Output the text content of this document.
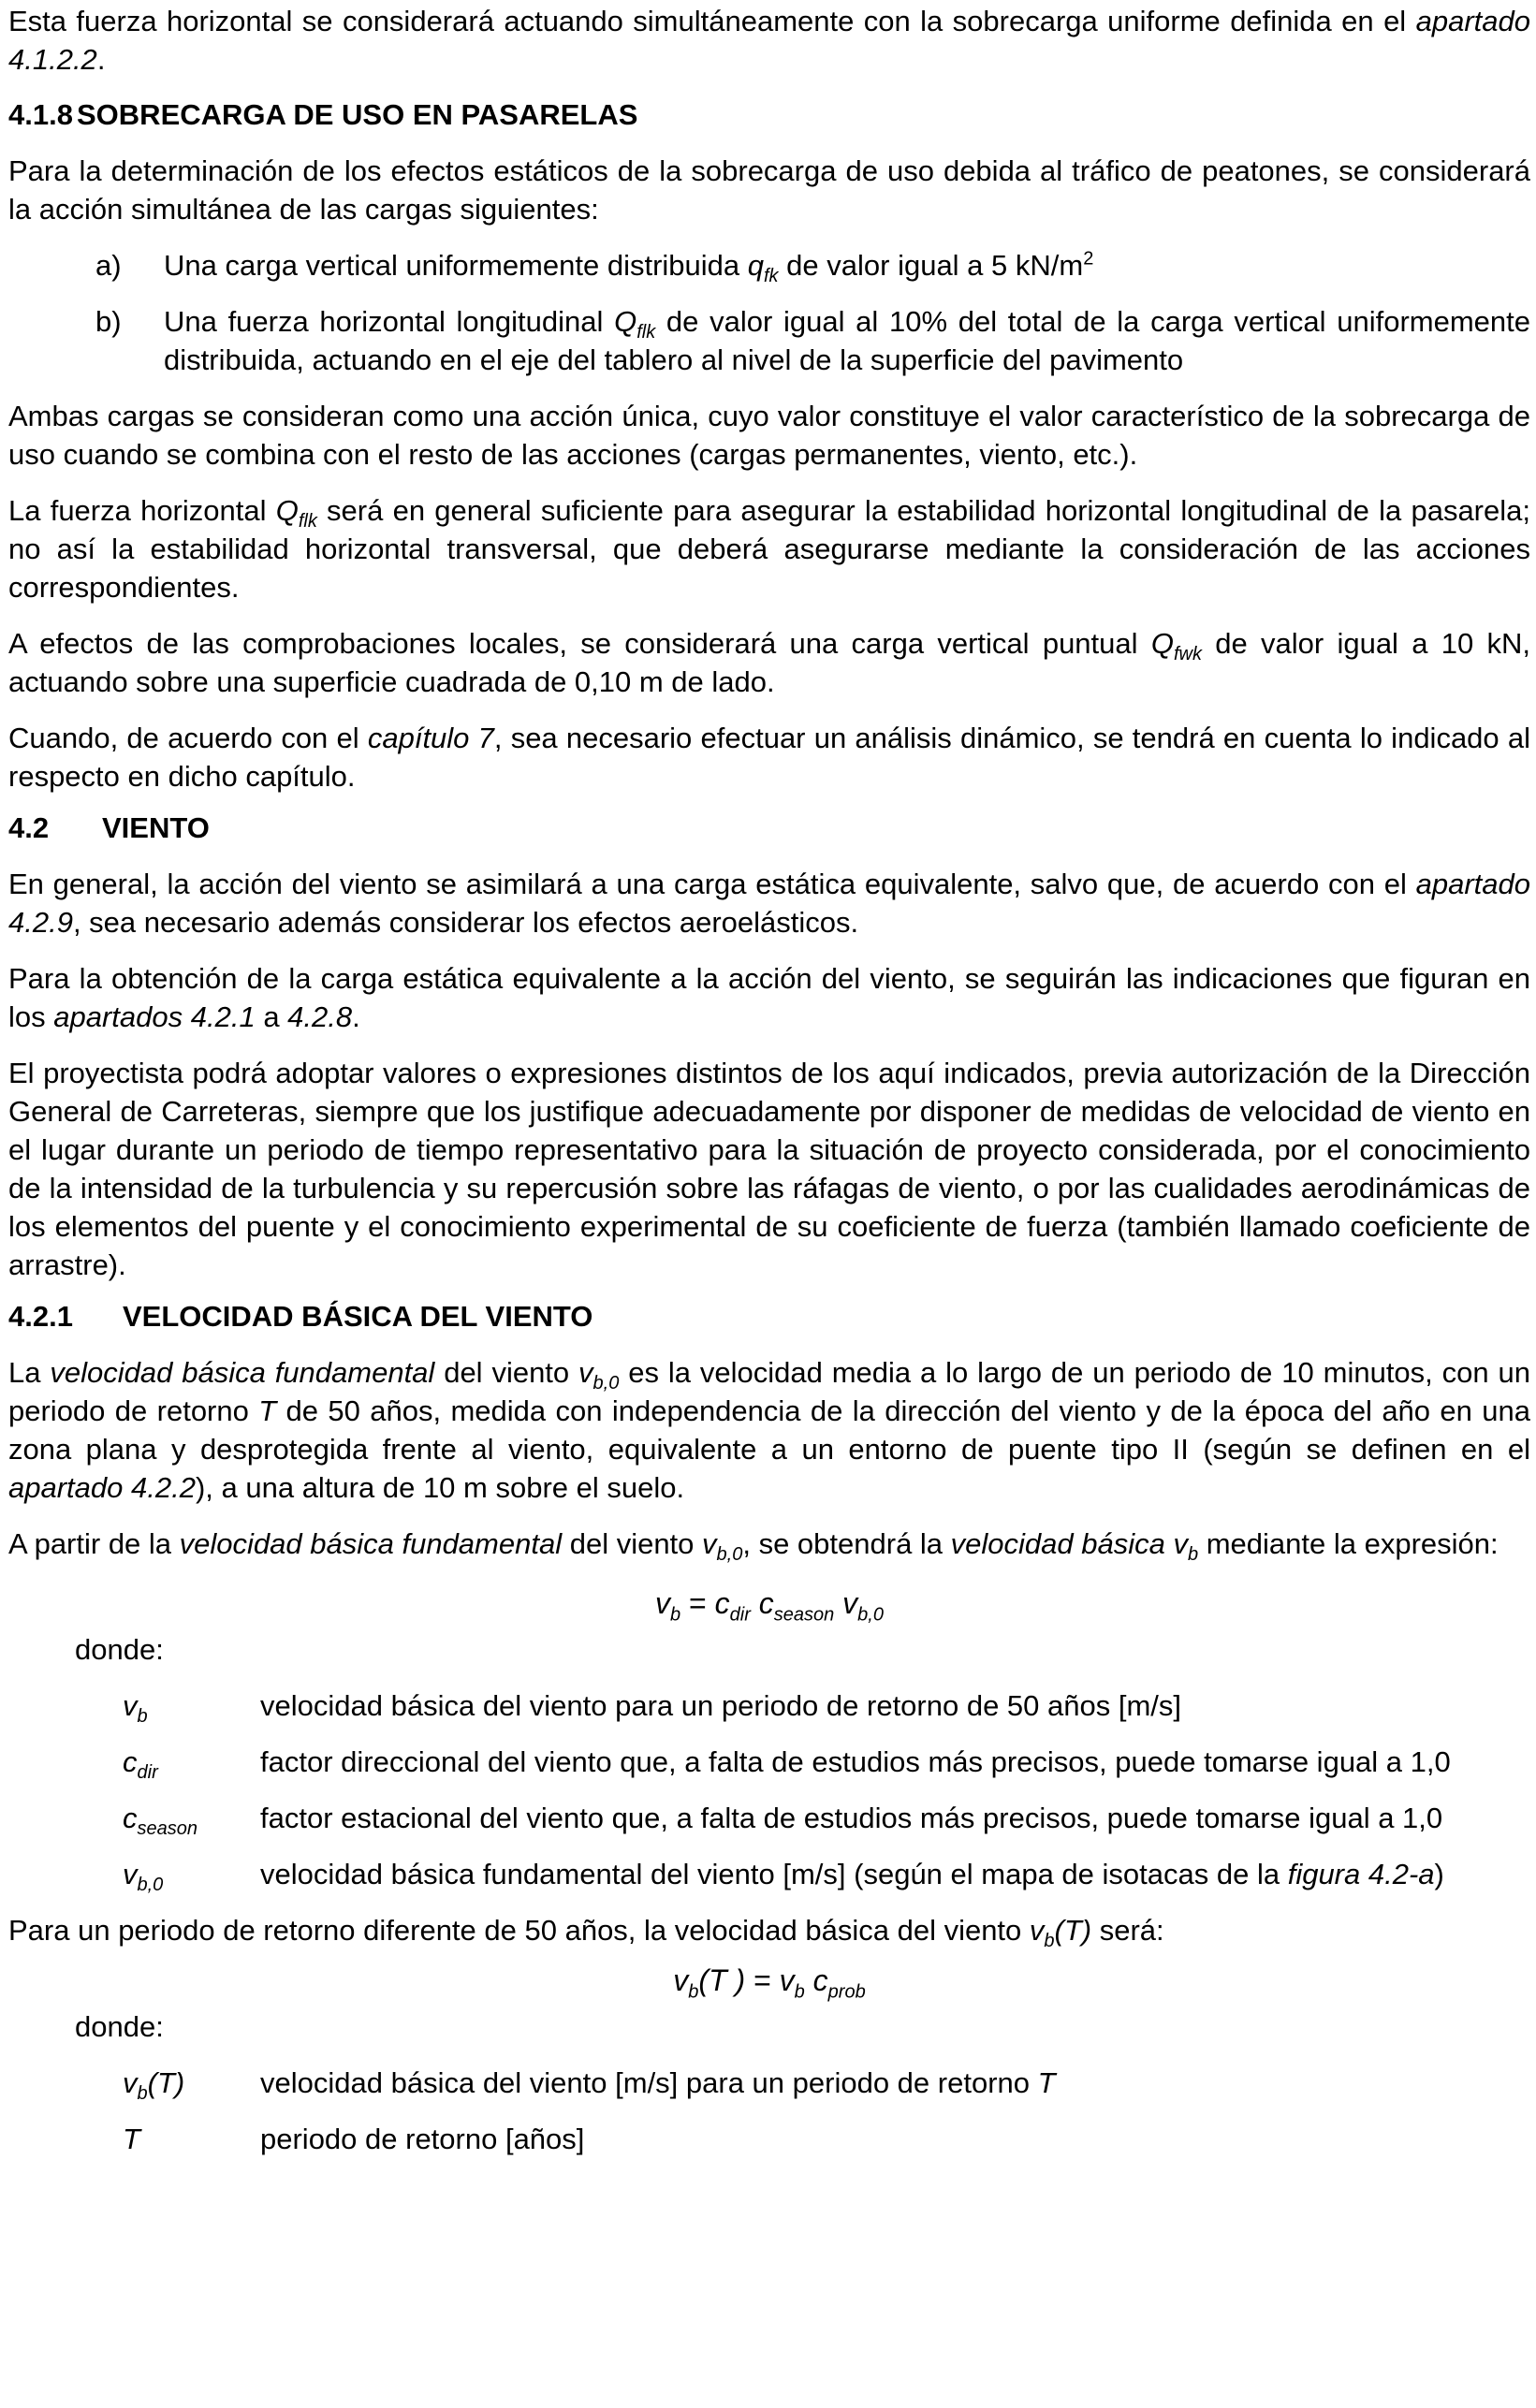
Esta fuerza horizontal se considerará actuando simultáneamente con la sobrecarga uniforme definida en el apartado 4.1.2.2.

4.1.8 SOBRECARGA DE USO EN PASARELAS

Para la determinación de los efectos estáticos de la sobrecarga de uso debida al tráfico de peatones, se considerará la acción simultánea de las cargas siguientes:

a)	Una carga vertical uniformemente distribuida $q_{fk}$ de valor igual a 5 $kN/m^2$
b)	Una fuerza horizontal longitudinal $Q_{flk}$ de valor igual al 10% del total de la carga vertical uniformemente distribuida, actuando en el eje del tablero al nivel de la superficie del pavimento

Ambas cargas se consideran como una acción única, cuyo valor constituye el valor característico de la sobrecarga de uso cuando se combina con el resto de las acciones (cargas permanentes, viento, etc.).

La fuerza horizontal $Q_{flk}$ será en general suficiente para asegurar la estabilidad horizontal longitudinal de la pasarela; no así la estabilidad horizontal transversal, que deberá asegurarse mediante la consideración de las acciones correspondientes.

A efectos de las comprobaciones locales, se considerará una carga vertical puntual $Q_{fwk}$ de valor igual a 10 kN, actuando sobre una superficie cuadrada de 0,10 m de lado.

Cuando, de acuerdo con el capítulo 7, sea necesario efectuar un análisis dinámico, se tendrá en cuenta lo indicado al respecto en dicho capítulo.

4.2	VIENTO

En general, la acción del viento se asimilará a una carga estática equivalente, salvo que, de acuerdo con el apartado 4.2.9, sea necesario además considerar los efectos aeroelásticos.

Para la obtención de la carga estática equivalente a la acción del viento, se seguirán las indicaciones que figuran en los apartados 4.2.1 a 4.2.8.

El proyectista podrá adoptar valores o expresiones distintos de los aquí indicados, previa autorización de la Dirección General de Carreteras, siempre que los justifique adecuadamente por disponer de medidas de velocidad de viento en el lugar durante un periodo de tiempo representativo para la situación de proyecto considerada, por el conocimiento de la intensidad de la turbulencia y su repercusión sobre las ráfagas de viento, o por las cualidades aerodinámicas de los elementos del puente y el conocimiento experimental de su coeficiente de fuerza (también llamado coeficiente de arrastre).

4.2.1	VELOCIDAD BÁSICA DEL VIENTO

La velocidad básica fundamental del viento $v_{b,0}$ es la velocidad media a lo largo de un periodo de 10 minutos, con un periodo de retorno T de 50 años, medida con independencia de la dirección del viento y de la época del año en una zona plana y desprotegida frente al viento, equivalente a un entorno de puente tipo II (según se definen en el apartado 4.2.2), a una altura de 10 m sobre el suelo.

A partir de la velocidad básica fundamental del viento $v_{b,0}$, se obtendrá la velocidad básica $v_b$ mediante la expresión:

$v_b = c_{dir}$ $c_{season}$ $v_{b,0}$
donde:
$v_b$	velocidad básica del viento para un periodo de retorno de 50 años [m/s]
$c_{dir}$	factor direccional del viento que, a falta de estudios más precisos, puede tomarse igual a 1,0
$c_{season}$	factor estacional del viento que, a falta de estudios más precisos, puede tomarse igual a 1,0
$v_{b,0}$	velocidad básica fundamental del viento [m/s] (según el mapa de isotacas de la figura 4.2-a)

Para un periodo de retorno diferente de 50 años, la velocidad básica del viento $v_b(T)$ será:

$v_b(T$ ) = $v_b$ $c_{prob}$
donde:
$v_b(T)$	velocidad básica del viento [m/s] para un periodo de retorno T
T	periodo de retorno [años]
